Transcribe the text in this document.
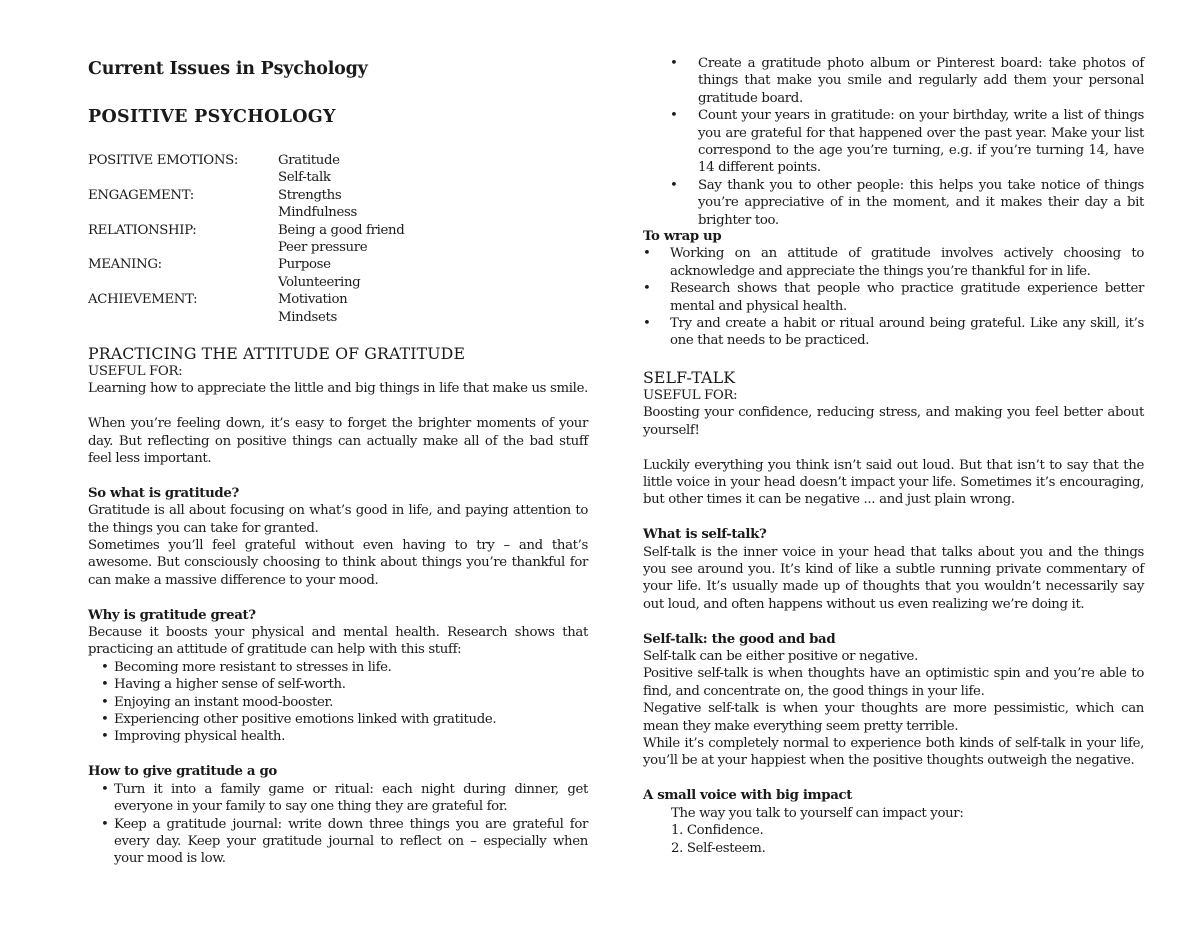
Current Issues in Psychology
POSITIVE PSYCHOLOGY
POSITIVE EMOTIONS:	Gratitude
Self-talk
ENGAGEMENT:	Strengths
Mindfulness
RELATIONSHIP:	Being a good friend
Peer pressure
MEANING:	Purpose
Volunteering
ACHIEVEMENT:	Motivation
Mindsets
PRACTICING THE ATTITUDE OF GRATITUDE

USEFUL FOR:

Learning how to appreciate the little and big things in life that make us smile.

When you’re feeling down, it’s easy to forget the brighter moments of your day. But reflecting on positive things can actually make all of the bad stuff feel less important.

So what is gratitude?

Gratitude is all about focusing on what’s good in life, and paying attention to the things you can take for granted.

Sometimes you’ll feel grateful without even having to try – and that’s awesome. But consciously choosing to think about things you’re thankful for can make a massive difference to your mood.

Why is gratitude great?

Because it boosts your physical and mental health. Research shows that practicing an attitude of gratitude can help with this stuff:

• Becoming more resistant to stresses in life.
• Having a higher sense of self-worth.
• Enjoying an instant mood-booster.
• Experiencing other positive emotions linked with gratitude.
• Improving physical health.

How to give gratitude a go

• Turn it into a family game or ritual: each night during dinner, get everyone in your family to say one thing they are grateful for.
• Keep a gratitude journal: write down three things you are grateful for every day. Keep your gratitude journal to reflect on – especially when your mood is low.
• Create a gratitude photo album or Pinterest board: take photos of things that make you smile and regularly add them your personal gratitude board.
• Count your years in gratitude: on your birthday, write a list of things you are grateful for that happened over the past year. Make your list correspond to the age you’re turning, e.g. if you’re turning 14, have 14 different points.
• Say thank you to other people: this helps you take notice of things you’re appreciative of in the moment, and it makes their day a bit brighter too.

To wrap up

• Working on an attitude of gratitude involves actively choosing to acknowledge and appreciate the things you’re thankful for in life.
• Research shows that people who practice gratitude experience better mental and physical health.
• Try and create a habit or ritual around being grateful. Like any skill, it’s one that needs to be practiced.
SELF-TALK

USEFUL FOR:

Boosting your confidence, reducing stress, and making you feel better about yourself!

Luckily everything you think isn’t said out loud. But that isn’t to say that the little voice in your head doesn’t impact your life. Sometimes it’s encouraging, but other times it can be negative ... and just plain wrong.

What is self-talk?

Self-talk is the inner voice in your head that talks about you and the things you see around you. It’s kind of like a subtle running private commentary of your life. It’s usually made up of thoughts that you wouldn’t necessarily say out loud, and often happens without us even realizing we’re doing it.

Self-talk: the good and bad

Self-talk can be either positive or negative.

Positive self-talk is when thoughts have an optimistic spin and you’re able to find, and concentrate on, the good things in your life.

Negative self-talk is when your thoughts are more pessimistic, which can mean they make everything seem pretty terrible.

While it’s completely normal to experience both kinds of self-talk in your life, you’ll be at your happiest when the positive thoughts outweigh the negative.

A small voice with big impact

The way you talk to yourself can impact your:

1. Confidence.

2. Self-esteem.
